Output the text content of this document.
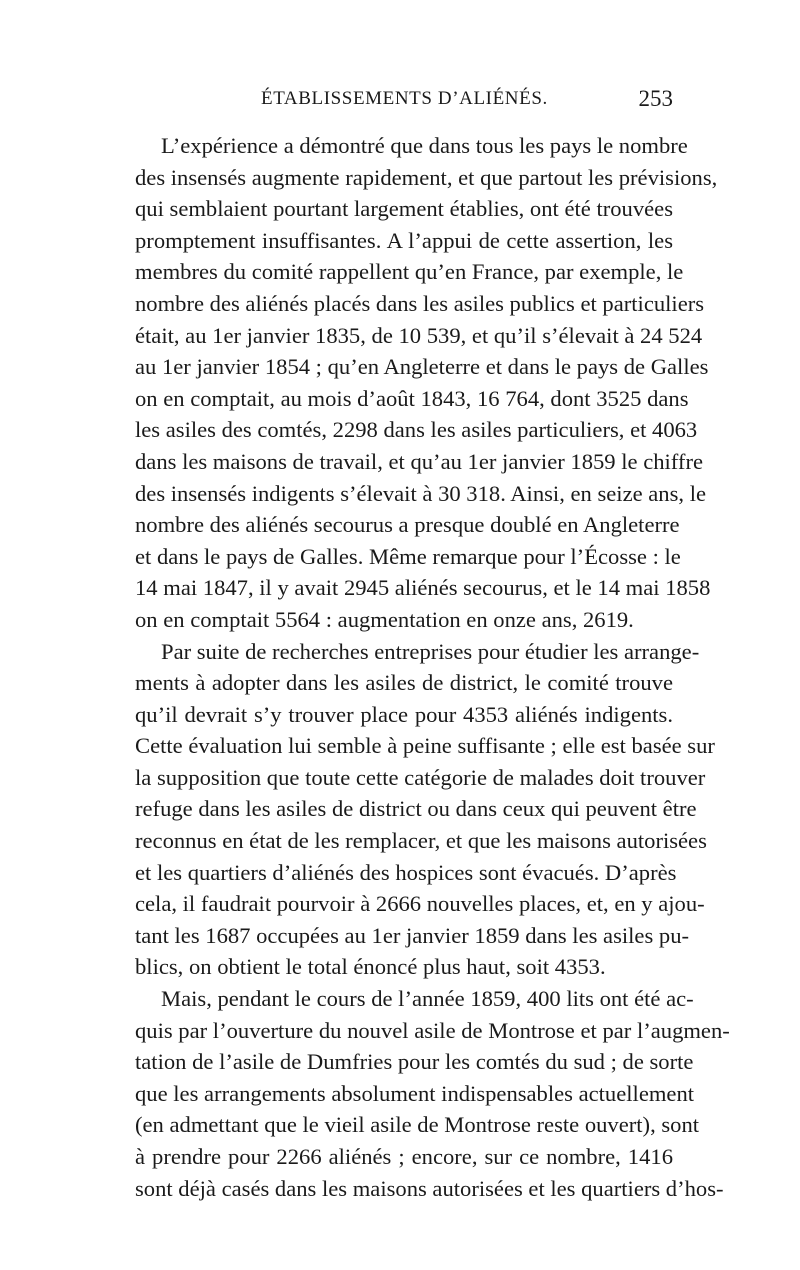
ÉTABLISSEMENTS D’ALIÉNÉS.	253
L’expérience a démontré que dans tous les pays le nombre
des insensés augmente rapidement, et que partout les prévisions,
qui semblaient pourtant largement établies, ont été trouvées
promptement insuffisantes. A l’appui de cette assertion, les
membres du comité rappellent qu’en France, par exemple, le
nombre des aliénés placés dans les asiles publics et particuliers
était, au 1er janvier 1835, de 10 539, et qu’il s’élevait à 24 524
au 1er janvier 1854 ; qu’en Angleterre et dans le pays de Galles
on en comptait, au mois d’août 1843, 16 764, dont 3525 dans
les asiles des comtés, 2298 dans les asiles particuliers, et 4063
dans les maisons de travail, et qu’au 1er janvier 1859 le chiffre
des insensés indigents s’élevait à 30 318. Ainsi, en seize ans, le
nombre des aliénés secourus a presque doublé en Angleterre
et dans le pays de Galles. Même remarque pour l’Écosse : le
14 mai 1847, il y avait 2945 aliénés secourus, et le 14 mai 1858
on en comptait 5564 : augmentation en onze ans, 2619.
Par suite de recherches entreprises pour étudier les arrange-
ments à adopter dans les asiles de district, le comité trouve
qu’il devrait s’y trouver place pour 4353 aliénés indigents.
Cette évaluation lui semble à peine suffisante ; elle est basée sur
la supposition que toute cette catégorie de malades doit trouver
refuge dans les asiles de district ou dans ceux qui peuvent être
reconnus en état de les remplacer, et que les maisons autorisées
et les quartiers d’aliénés des hospices sont évacués. D’après
cela, il faudrait pourvoir à 2666 nouvelles places, et, en y ajou-
tant les 1687 occupées au 1er janvier 1859 dans les asiles pu-
blics, on obtient le total énoncé plus haut, soit 4353.
Mais, pendant le cours de l’année 1859, 400 lits ont été ac-
quis par l’ouverture du nouvel asile de Montrose et par l’augmen-
tation de l’asile de Dumfries pour les comtés du sud ; de sorte
que les arrangements absolument indispensables actuellement
(en admettant que le vieil asile de Montrose reste ouvert), sont
à prendre pour 2266 aliénés ; encore, sur ce nombre, 1416
sont déjà casés dans les maisons autorisées et les quartiers d’hos-
